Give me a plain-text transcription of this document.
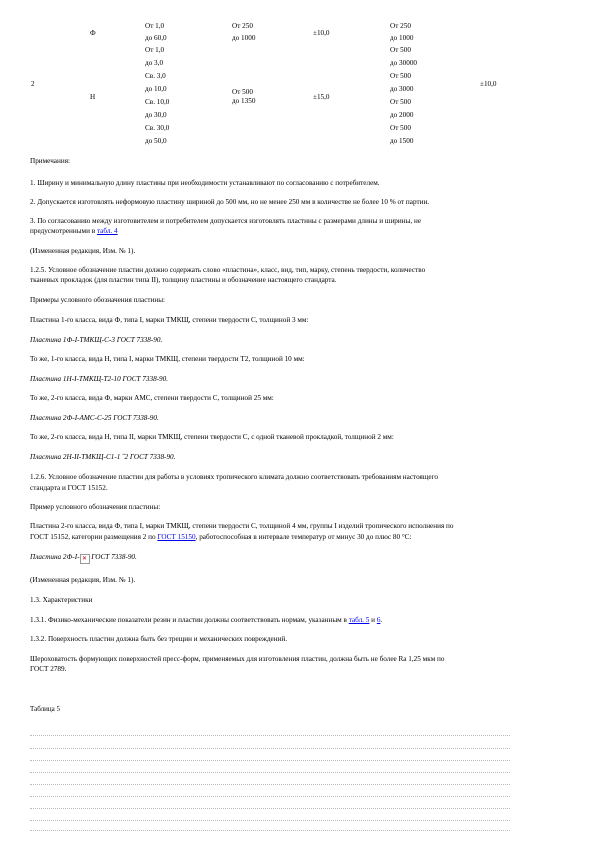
2
Ф
Н
От 1,0
до 60,0
От 1,0
до 3,0
Св. 3,0
до 10,0
Св. 10,0
до 30,0
Св. 30,0
до 50,0
От 250
до 1000
От 500
до 1350
±10,0
±15,0
От 250
до 1000
От 500
до 30000
От 500
до 3000
От 500
до 2000
От 500
до 1500
±10,0
Примечания:
1. Ширину и минимальную длину пластины при необходимости устанавливают по согласованию с потребителем.
2. Допускается изготовлять неформовую пластину шириной до 500 мм, но не менее 250 мм в количестве не более 10 % от партии.
3. По согласованию между изготовителем и потребителем допускается изготовлять пластины с размерами длины и ширины, не
предусмотренными в табл. 4
(Измененная редакция, Изм. № 1).
1.2.5. Условное обозначение пластин должно содержать слово «пластина», класс, вид, тип, марку, степень твердости, количество
тканевых прокладок (для пластин типа II), толщину пластины и обозначение настоящего стандарта.
Примеры условного обозначения пластины:
Пластина 1-го класса, вида Ф, типа I, марки ТМКЩ, степени твердости С, толщиной 3 мм:
Пластина 1Ф-I-ТМКЩ-С-3 ГОСТ 7338-90.
То же, 1-го класса, вида Н, типа I, марки ТМКЩ, степени твердости Т2, толщиной 10 мм:
Пластина 1Н-I-ТМКЩ-Т2-10 ГОСТ 7338-90.
То же, 2-го класса, вида Ф, марки АМС, степени твердости С, толщиной 25 мм:
Пластина 2Ф-I-АМС-С-25 ГОСТ 7338-90.
То же, 2-го класса, вида Н, типа II, марки ТМКЩ, степени твердости С, с одной тканевой прокладкой, толщиной 2 мм:
Пластина 2Н-II-ТМКЩ-С1-1 ˝2 ГОСТ 7338-90.
1.2.6. Условное обозначение пластин для работы в условиях тропического климата должно соответствовать требованиям настоящего
стандарта и ГОСТ 15152.
Пример условного обозначения пластины:
Пластина 2-го класса, вида Ф, типа I, марки ТМКЩ, степени твердости С, толщиной 4 мм, группы I изделий тропического исполнения по
ГОСТ 15152, категории размещения 2 по ГОСТ 15150, работоспособная в интервале температур от минус 30 до плюс 80 °С:
Пластина 2Ф-I- ✕ ГОСТ 7338-90.
(Измененная редакция, Изм. № 1).
1.3. Характеристики
1.3.1. Физико-механические показатели резин и пластин должны соответствовать нормам, указанным в табл. 5 и 6.
1.3.2. Поверхность пластин должна быть без трещин и механических повреждений.
Шероховатость формующих поверхностей пресс-форм, применяемых для изготовления пластин, должна быть не более Ra 1,25 мкм по
ГОСТ 2789.
Таблица 5
